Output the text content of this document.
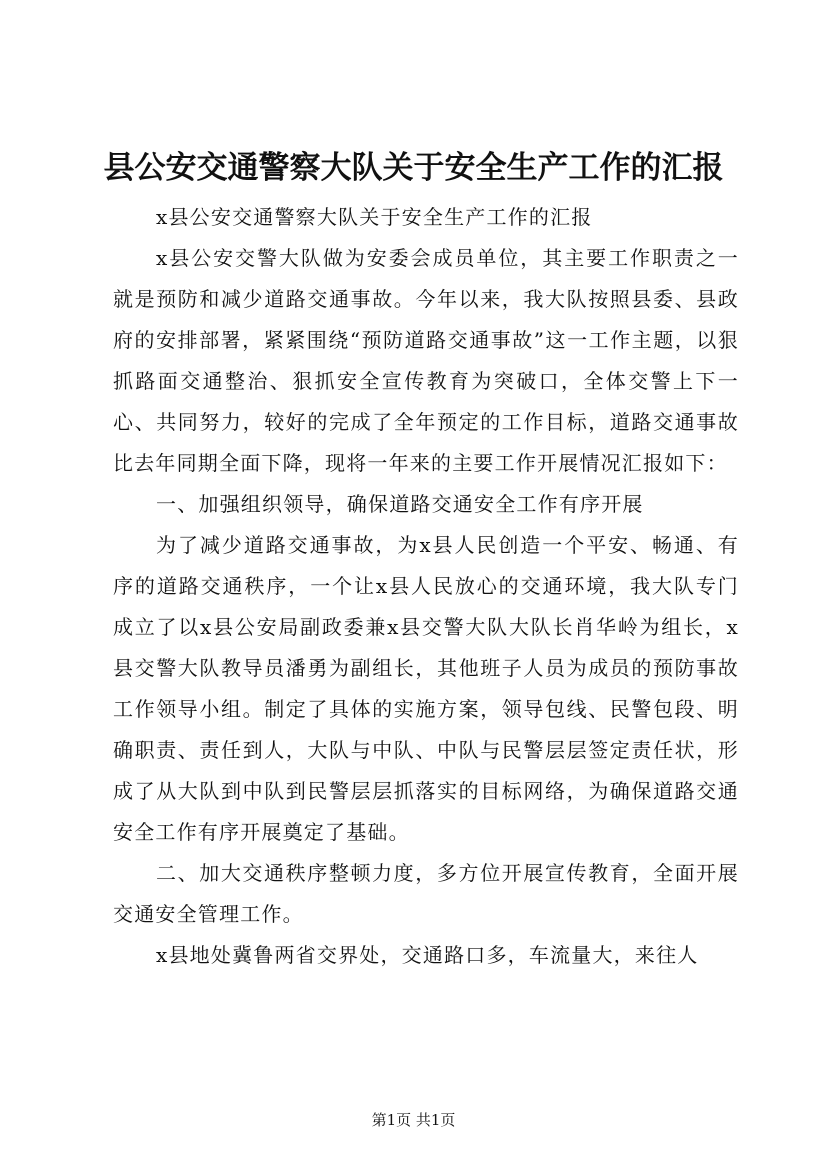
县公安交通警察大队关于安全生产工作的汇报

x县公安交通警察大队关于安全生产工作的汇报

x县公安交警大队做为安委会成员单位，其主要工作职责之一就是预防和减少道路交通事故。今年以来，我大队按照县委、县政府的安排部署，紧紧围绕“预防道路交通事故”这一工作主题，以狠抓路面交通整治、狠抓安全宣传教育为突破口，全体交警上下一心、共同努力，较好的完成了全年预定的工作目标，道路交通事故比去年同期全面下降，现将一年来的主要工作开展情况汇报如下：

一、加强组织领导，确保道路交通安全工作有序开展

为了减少道路交通事故，为x县人民创造一个平安、畅通、有序的道路交通秩序，一个让x县人民放心的交通环境，我大队专门成立了以x县公安局副政委兼x县交警大队大队长肖华岭为组长，x县交警大队教导员潘勇为副组长，其他班子人员为成员的预防事故工作领导小组。制定了具体的实施方案，领导包线、民警包段、明确职责、责任到人，大队与中队、中队与民警层层签定责任状，形成了从大队到中队到民警层层抓落实的目标网络，为确保道路交通安全工作有序开展奠定了基础。

二、加大交通秩序整顿力度，多方位开展宣传教育，全面开展交通安全管理工作。

x县地处冀鲁两省交界处，交通路口多，车流量大，来往人

第1页 共1页
